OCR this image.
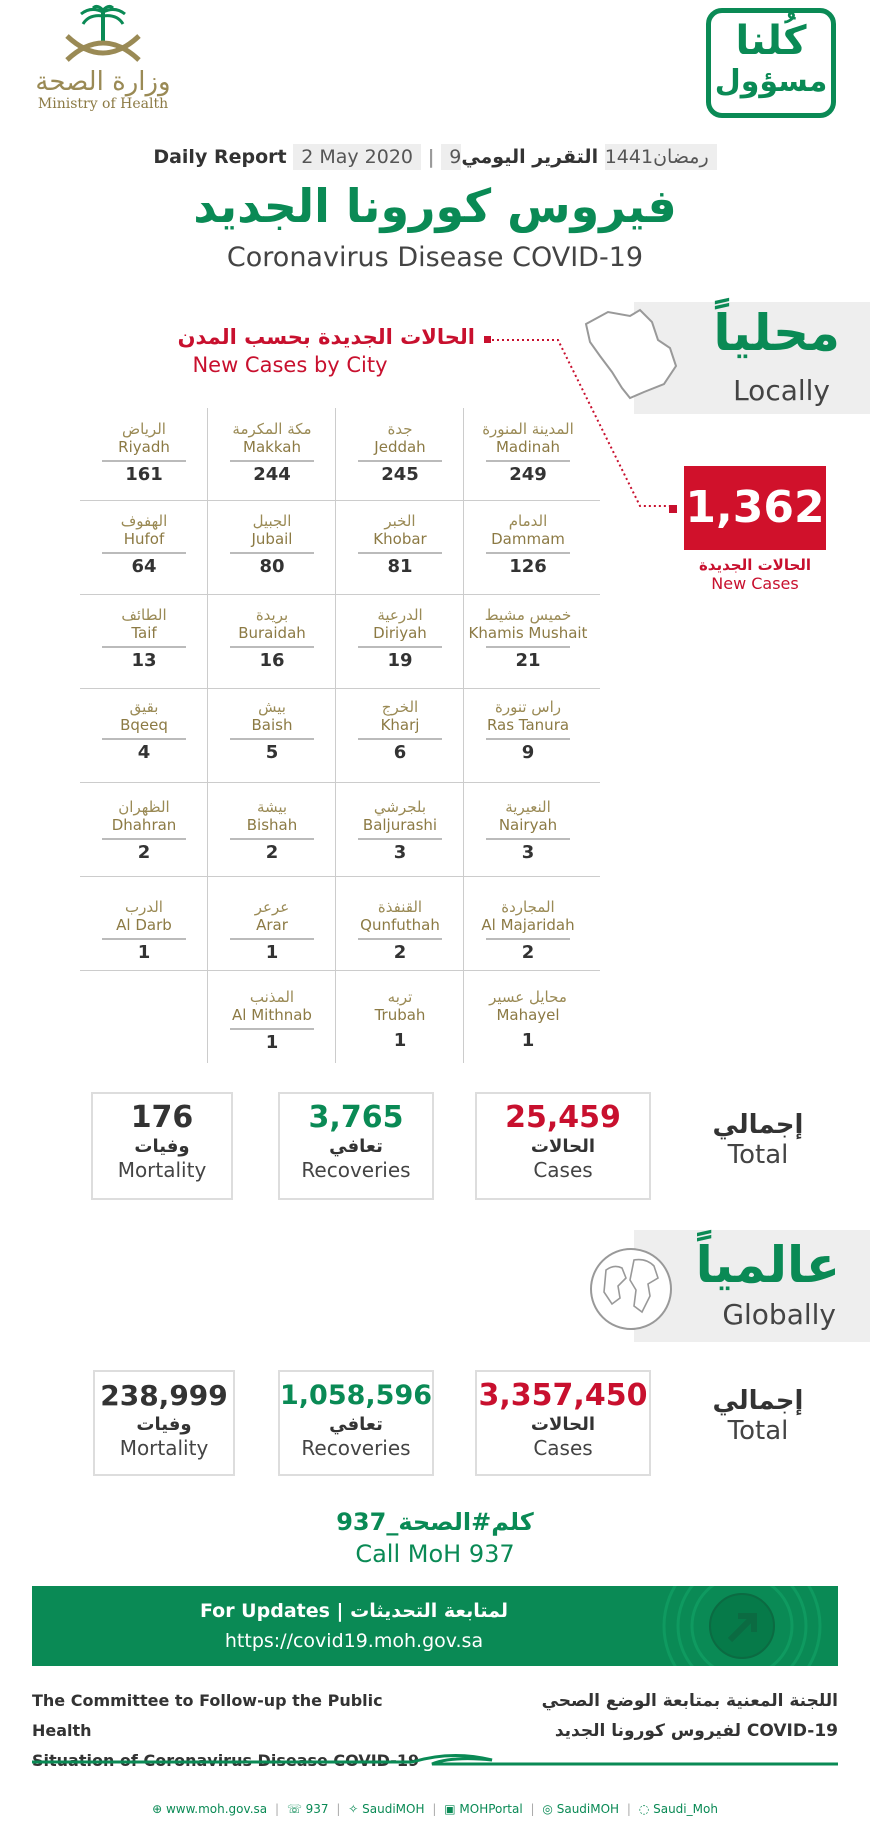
وزارة الصحة
Ministry of Health
كُلنا
مسؤول
Daily Report 2 May 2020 | 9رمضان1441 التقرير اليومي
فيروس كورونا الجديد
Coronavirus Disease COVID-19
محلياً
Locally
الحالات الجديدة بحسب المدن
New Cases by City
1,362
الحالات الجديدة
New Cases
المدينة المنورة
Madinah
249
جدة
Jeddah
245
مكة المكرمة
Makkah
244
الرياض
Riyadh
161
الدمام
Dammam
126
الخبر
Khobar
81
الجبيل
Jubail
80
الهفوف
Hufof
64
خميس مشيط
Khamis Mushait
21
الدرعية
Diriyah
19
بريدة
Buraidah
16
الطائف
Taif
13
راس تنورة
Ras Tanura
9
الخرج
Kharj
6
بيش
Baish
5
بقيق
Bqeeq
4
النعيرية
Nairyah
3
بلجرشي
Baljurashi
3
بيشة
Bishah
2
الظهران
Dhahran
2
المجاردة
Al Majaridah
2
القنفذة
Qunfuthah
2
عرعر
Arar
1
الدرب
Al Darb
1
محايل عسير
Mahayel
1
تربه
Trubah
1
المذنب
Al Mithnab
1
25,459
الحالات
Cases
3,765
تعافي
Recoveries
176
وفيات
Mortality
إجمالي
Total
عالمياً
Globally
3,357,450
الحالات
Cases
1,058,596
تعافي
Recoveries
238,999
وفيات
Mortality
إجمالي
Total
كلم#الصحة_937
Call MoH 937
For Updates | لمتابعة التحديثات
https://covid19.moh.gov.sa
The Committee to Follow-up the Public Health
Situation of Coronavirus Disease COVID-19
اللجنة المعنية بمتابعة الوضع الصحي
لفيروس كورونا الجديد COVID-19
⊕ www.moh.gov.sa | ☏ 937 | ✧ SaudiMOH | ▣ MOHPortal | ◎ SaudiMOH | ◌ Saudi_Moh
